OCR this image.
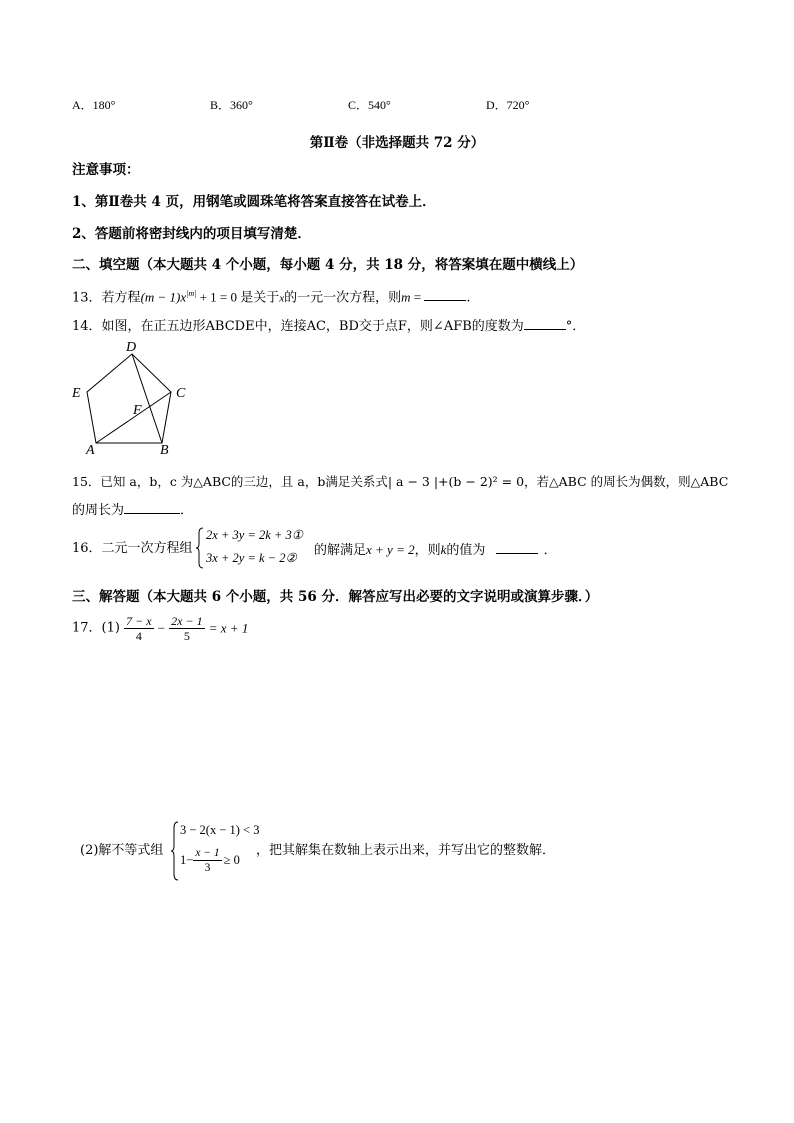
A．180°	B．360°	C．540°	D．720°
第Ⅱ卷（非选择题共 72 分）
注意事项：
1、第Ⅱ卷共 4 页，用钢笔或圆珠笔将答案直接答在试卷上．
2、答题前将密封线内的项目填写清楚．
二、填空题（本大题共 4 个小题，每小题 4 分，共 18 分，将答案填在题中横线上）
13．若方程$(m - 1)x^{|m|} + 1 = 0$ 是关于x的一元一次方程，则m =	.
14．如图，在正五边形ABCDE中，连接AC，BD交于点F，则∠AFB的度数为	°．
D
E	C
F
A	B
15．已知 a，b，c 为△ABC的三边，且 a，b满足关系式| a − 3 |+(b − 2)² = 0，若△ABC 的周长为偶数，则△ABC
的周长为	．
16．二元一次方程组
2x + 3y = 2k + 3①
3x + 2y = k − 2② 的解满足x + y = 2，则k的值为	．
三、解答题（本大题共 6 个小题，共 56 分．解答应写出必要的文字说明或演算步骤．）
17．$(1) \frac{7 - x}{4} - \frac{2x - 1}{5} = x + 1$
(2)解不等式组
3 − 2(x − 1) < 3
$1- \frac{x - 1}{3} \ge 0$
，把其解集在数轴上表示出来，并写出它的整数解．
